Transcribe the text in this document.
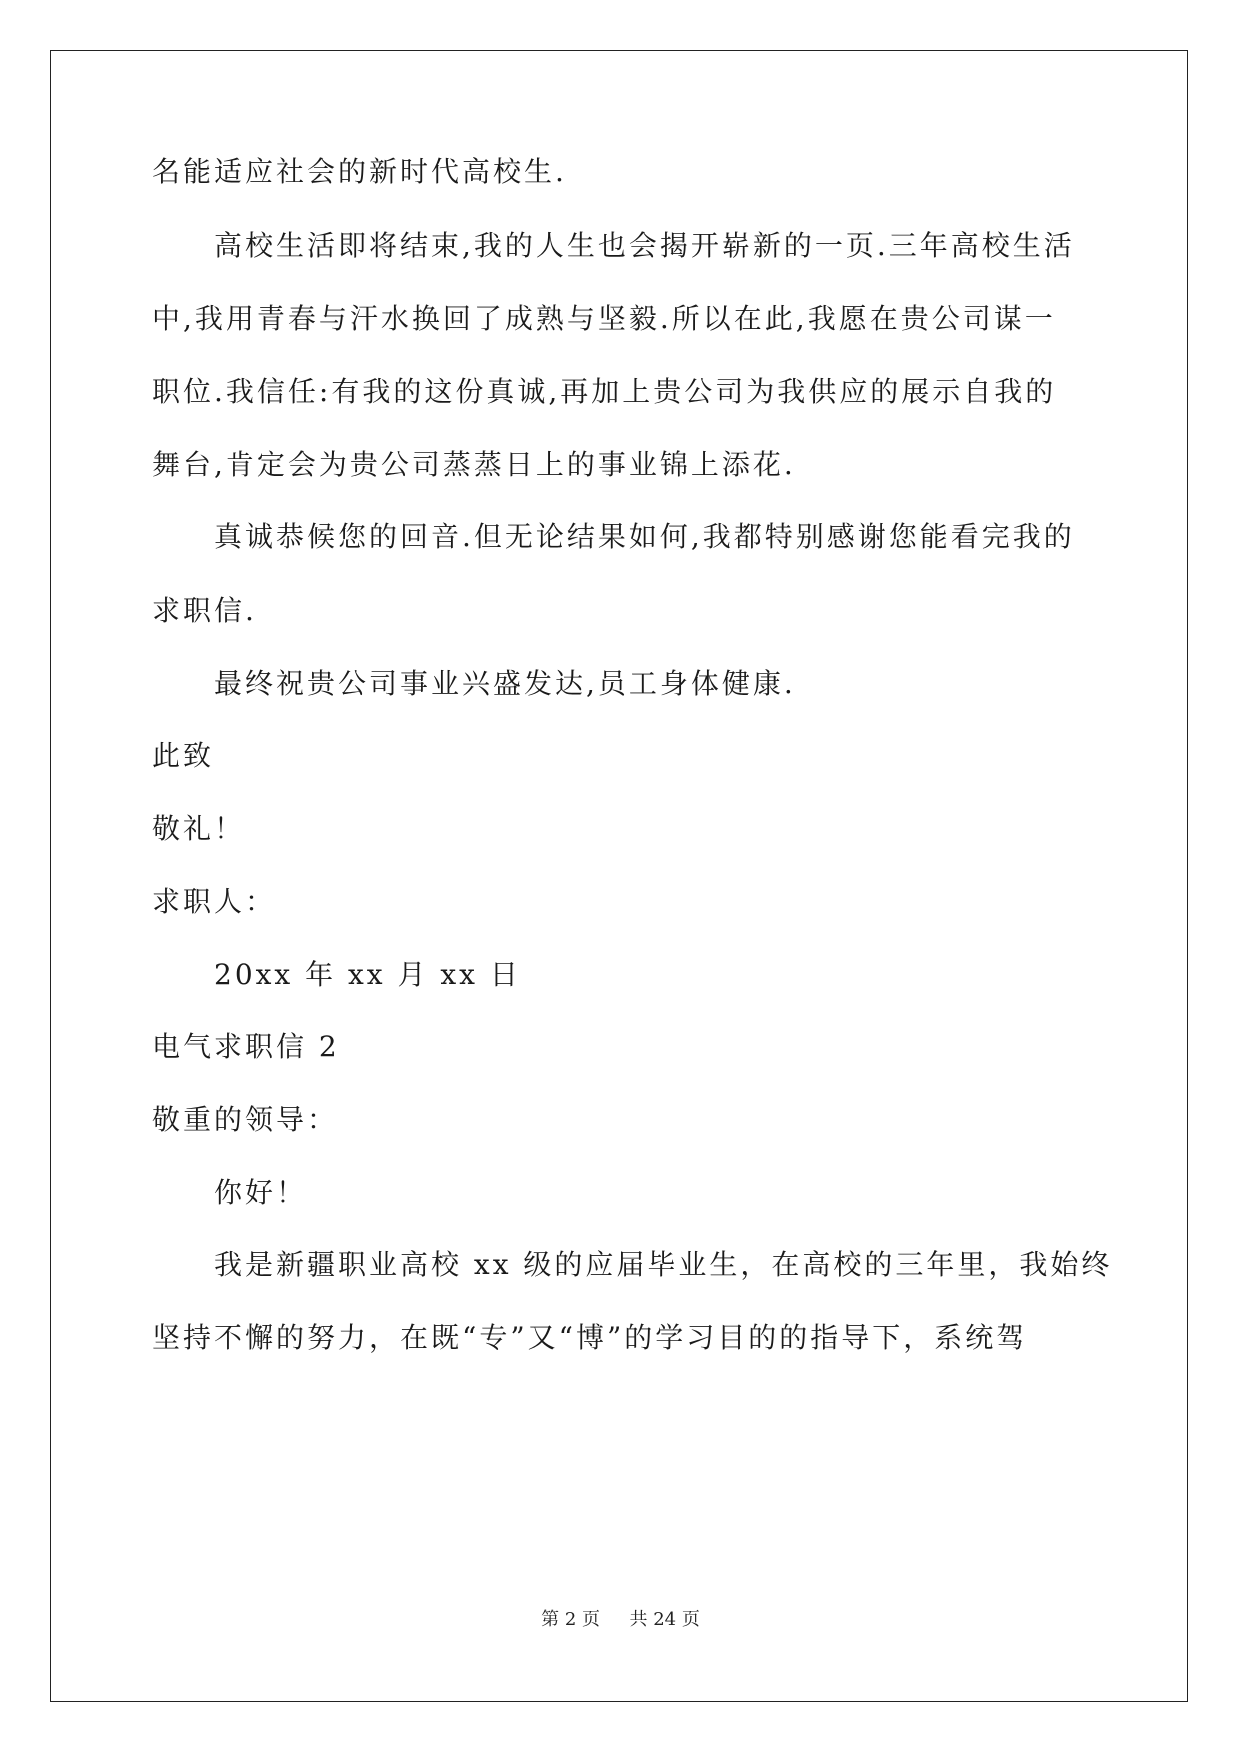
名能适应社会的新时代高校生.
高校生活即将结束,我的人生也会揭开崭新的一页.三年高校生活
中,我用青春与汗水换回了成熟与坚毅.所以在此,我愿在贵公司谋一
职位.我信任:有我的这份真诚,再加上贵公司为我供应的展示自我的
舞台,肯定会为贵公司蒸蒸日上的事业锦上添花.
真诚恭候您的回音.但无论结果如何,我都特别感谢您能看完我的
求职信.
最终祝贵公司事业兴盛发达,员工身体健康.
此致
敬礼！
求职人：
20xx 年 xx 月 xx 日
电气求职信 2
敬重的领导：
你好！
我是新疆职业高校 xx 级的应届毕业生，在高校的三年里，我始终
坚持不懈的努力，在既“专”又“博”的学习目的的指导下，系统驾
第 2 页 共 24 页
